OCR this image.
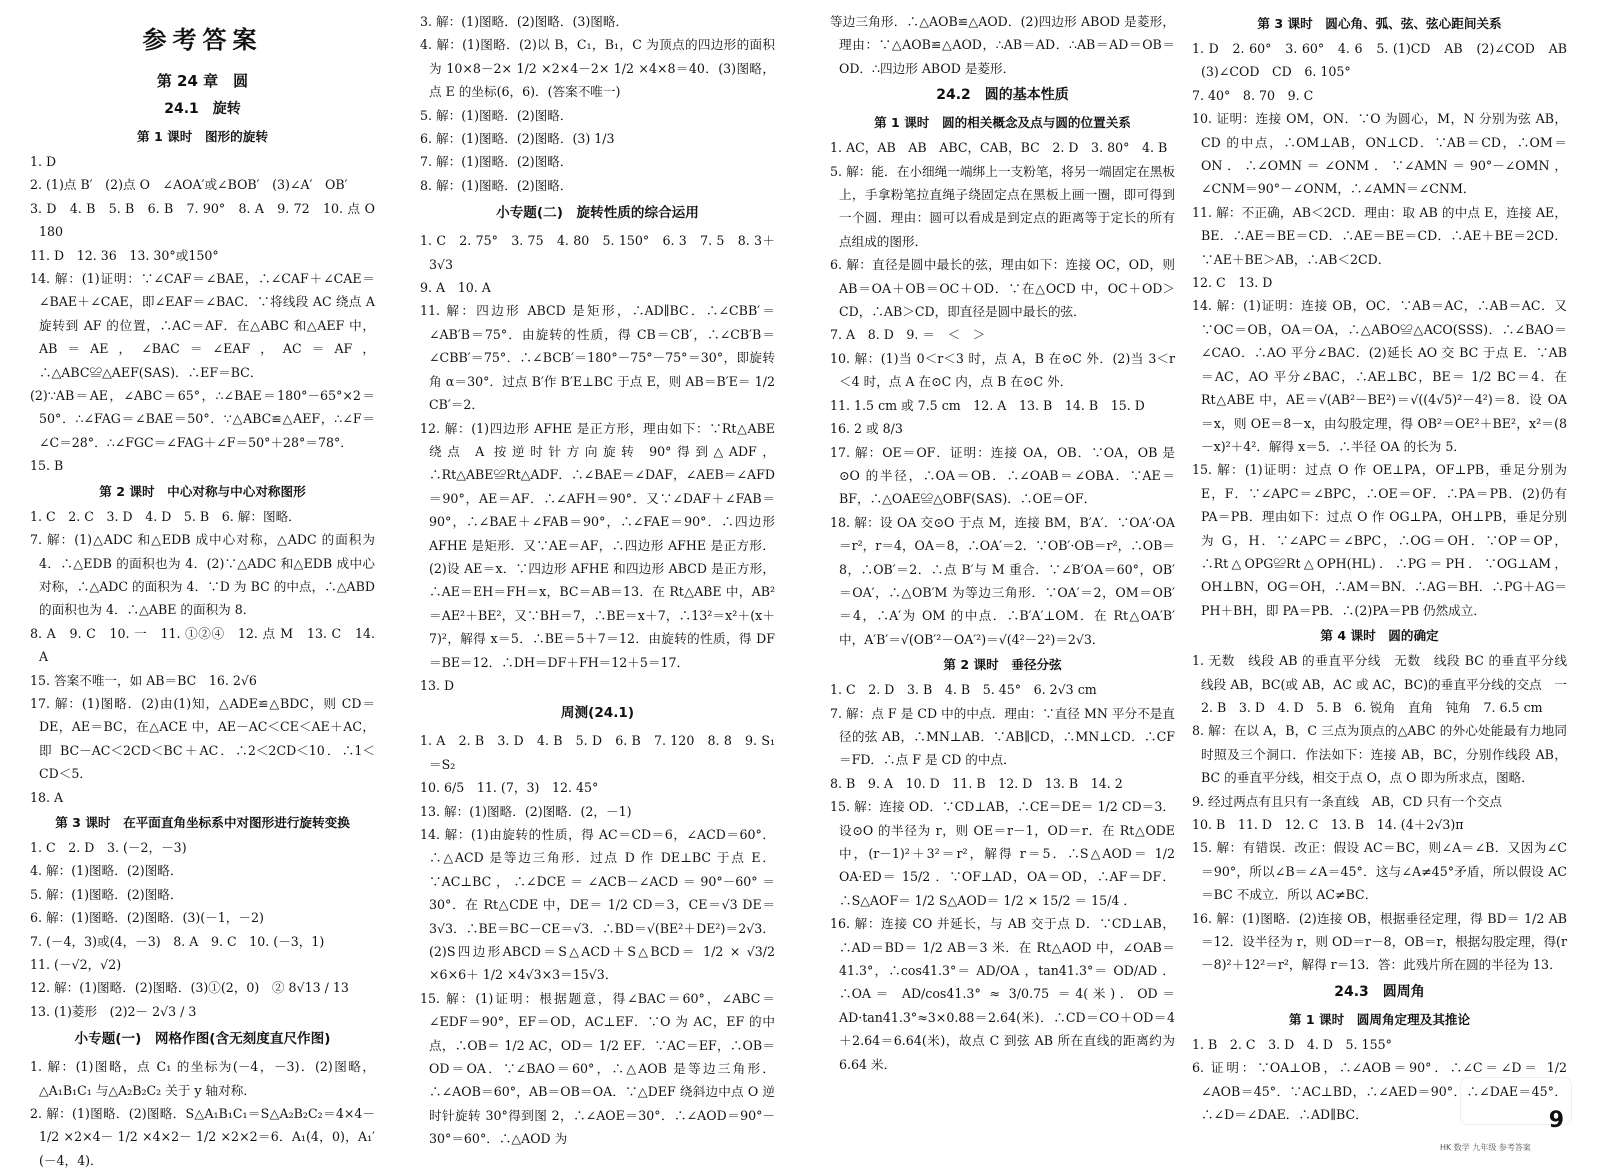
参考答案
第 24 章　圆
24.1　旋转
第 1 课时　图形的旋转

1. D

2. (1)点 B′　(2)点 O　∠AOA′或∠BOB′　(3)∠A′　OB′

3. D　4. B　5. B　6. B　7. 90°　8. A　9. 72　10. 点 O　180

11. D　12. 36　13. 30°或150°

14. 解：(1)证明：∵∠CAF＝∠BAE，∴∠CAF＋∠CAE＝∠BAE＋∠CAE，即∠EAF＝∠BAC．∵将线段 AC 绕点 A 旋转到 AF 的位置，∴AC＝AF．在△ABC 和△AEF 中，AB＝AE，∠BAC＝∠EAF，AC＝AF，∴△ABC≌△AEF(SAS)．∴EF＝BC．

(2)∵AB＝AE，∠ABC＝65°，∴∠BAE＝180°－65°×2＝50°．∴∠FAG＝∠BAE＝50°．∵△ABC≌△AEF，∴∠F＝∠C＝28°．∴∠FGC＝∠FAG＋∠F＝50°＋28°＝78°．

15. B

第 2 课时　中心对称与中心对称图形

1. C　2. C　3. D　4. D　5. B　6. 解：图略．

7. 解：(1)△ADC 和△EDB 成中心对称，△ADC 的面积为 4．∴△EDB 的面积也为 4．(2)∵△ADC 和△EDB 成中心对称，∴△ADC 的面积为 4．∵D 为 BC 的中点，∴△ABD 的面积也为 4．∴△ABE 的面积为 8．

8. A　9. C　10. 一　11. ①②④　12. 点 M　13. C　14. A

15. 答案不唯一，如 AB＝BC　16. 2√6

17. 解：(1)图略．(2)由(1)知，△ADE≌△BDC，则 CD＝DE，AE＝BC，在△ACE 中，AE－AC＜CE＜AE＋AC，即 BC－AC＜2CD＜BC＋AC．∴2＜2CD＜10．∴1＜CD＜5．

18. A

第 3 课时　在平面直角坐标系中对图形进行旋转变换

1. C　2. D　3. (－2，－3)

4. 解：(1)图略．(2)图略．

5. 解：(1)图略．(2)图略．

6. 解：(1)图略．(2)图略．(3)(－1，－2)

7. (－4，3)或(4，－3)　8. A　9. C　10. (－3，1)

11. (－√2，√2)

12. 解：(1)图略．(2)图略．(3)①(2，0)　② 8√13 / 13

13. (1)菱形　(2)2－ 2√3 / 3

小专题(一)　网格作图(含无刻度直尺作图)

1. 解：(1)图略，点 C₁ 的坐标为(－4，－3)．(2)图略，△A₁B₁C₁ 与△A₂B₂C₂ 关于 y 轴对称．

2. 解：(1)图略．(2)图略．S△A₁B₁C₁＝S△A₂B₂C₂＝4×4－ 1/2 ×2×4－ 1/2 ×4×2－ 1/2 ×2×2＝6．A₁(4，0)，A₁′(－4，4)．

3. 解：(1)图略．(2)图略．(3)图略．

4. 解：(1)图略．(2)以 B，C₁，B₁，C 为顶点的四边形的面积为 10×8－2× 1/2 ×2×4－2× 1/2 ×4×8＝40．(3)图略，点 E 的坐标(6，6)．(答案不唯一)

5. 解：(1)图略．(2)图略．

6. 解：(1)图略．(2)图略．(3) 1/3

7. 解：(1)图略．(2)图略．

8. 解：(1)图略．(2)图略．

小专题(二)　旋转性质的综合运用

1. C　2. 75°　3. 75　4. 80　5. 150°　6. 3　7. 5　8. 3＋3√3

9. A　10. A

11. 解：四边形 ABCD 是矩形，∴AD∥BC．∴∠CBB′＝∠AB′B＝75°．由旋转的性质，得 CB＝CB′，∴∠CB′B＝∠CBB′＝75°．∴∠BCB′＝180°－75°－75°＝30°，即旋转角 α＝30°．过点 B′作 B′E⊥BC 于点 E，则 AB＝B′E＝ 1/2 CB′＝2．

12. 解：(1)四边形 AFHE 是正方形，理由如下：∵Rt△ABE 绕点 A 按逆时针方向旋转 90°得到△ADF，∴Rt△ABE≌Rt△ADF．∴∠BAE＝∠DAF，∠AEB＝∠AFD＝90°，AE＝AF．∴∠AFH＝90°．又∵∠DAF＋∠FAB＝90°，∴∠BAE＋∠FAB＝90°，∴∠FAE＝90°．∴四边形 AFHE 是矩形．又∵AE＝AF，∴四边形 AFHE 是正方形．(2)设 AE＝x．∵四边形 AFHE 和四边形 ABCD 是正方形，∴AE＝EH＝FH＝x，BC＝AB＝13．在 Rt△ABE 中，AB²＝AE²＋BE²，又∵BH＝7，∴BE＝x＋7，∴13²＝x²＋(x＋7)²，解得 x＝5．∴BE＝5＋7＝12．由旋转的性质，得 DF＝BE＝12．∴DH＝DF＋FH＝12＋5＝17．

13. D

周测(24.1)

1. A　2. B　3. D　4. B　5. D　6. B　7. 120　8. 8　9. S₁＝S₂

10. 6/5　11. (7，3)　12. 45°

13. 解：(1)图略．(2)图略．(2，－1)

14. 解：(1)由旋转的性质，得 AC＝CD＝6，∠ACD＝60°．∴△ACD 是等边三角形．过点 D 作 DE⊥BC 于点 E．∵AC⊥BC，∴∠DCE＝∠ACB－∠ACD＝90°－60°＝30°．在 Rt△CDE 中，DE＝ 1/2 CD＝3，CE＝√3 DE＝3√3．∴BE＝BC－CE＝√3．∴BD＝√(BE²＋DE²)＝2√3．(2)S四边形ABCD＝S△ACD＋S△BCD＝ 1/2 × √3/2 ×6×6＋ 1/2 ×4√3×3＝15√3．

15. 解：(1)证明：根据题意，得∠BAC＝60°，∠ABC＝∠EDF＝90°，EF＝OD，AC⊥EF．∵O 为 AC，EF 的中点，∴OB＝ 1/2 AC，OD＝ 1/2 EF．∵AC＝EF，∴OB＝OD＝OA．∵∠BAO＝60°，∴△AOB 是等边三角形．∴∠AOB＝60°，AB＝OB＝OA．∵△DEF 绕斜边中点 O 逆时针旋转 30°得到图 2，∴∠AOE＝30°．∴∠AOD＝90°－30°＝60°．∴△AOD 为

等边三角形．∴△AOB≌△AOD．(2)四边形 ABOD 是菱形，理由：∵△AOB≌△AOD，∴AB＝AD．∴AB＝AD＝OB＝OD．∴四边形 ABOD 是菱形．

24.2　圆的基本性质
第 1 课时　圆的相关概念及点与圆的位置关系

1. AC，AB　AB　ABC，CAB，BC　2. D　3. 80°　4. B

5. 解：能．在小细绳一端绑上一支粉笔，将另一端固定在黑板上，手拿粉笔拉直绳子绕固定点在黑板上画一圈，即可得到一个圆．理由：圆可以看成是到定点的距离等于定长的所有点组成的图形．

6. 解：直径是圆中最长的弦，理由如下：连接 OC，OD，则 AB＝OA＋OB＝OC＋OD．∵在△OCD 中，OC＋OD＞CD，∴AB＞CD，即直径是圆中最长的弦．

7. A　8. D　9. ＝　＜　＞

10. 解：(1)当 0＜r＜3 时，点 A，B 在⊙C 外．(2)当 3＜r＜4 时，点 A 在⊙C 内，点 B 在⊙C 外．

11. 1.5 cm 或 7.5 cm　12. A　13. B　14. B　15. D

16. 2 或 8/3

17. 解：OE＝OF．证明：连接 OA，OB．∵OA，OB 是⊙O 的半径，∴OA＝OB．∴∠OAB＝∠OBA．∵AE＝BF，∴△OAE≌△OBF(SAS)．∴OE＝OF．

18. 解：设 OA 交⊙O 于点 M，连接 BM，B′A′．∵OA′·OA＝r²，r＝4，OA＝8，∴OA′＝2．∵OB′·OB＝r²，∴OB＝8，∴OB′＝2．∴点 B′与 M 重合．∵∠B′OA＝60°，OB′＝OA′，∴△OB′M 为等边三角形．∵OA′＝2，OM＝OB′＝4，∴A′为 OM 的中点．∴B′A′⊥OM．在 Rt△OA′B′中，A′B′＝√(OB′²－OA′²)＝√(4²－2²)＝2√3．

第 2 课时　垂径分弦

1. C　2. D　3. B　4. B　5. 45°　6. 2√3 cm

7. 解：点 F 是 CD 中的中点．理由：∵直径 MN 平分不是直径的弦 AB，∴MN⊥AB．∵AB∥CD，∴MN⊥CD．∴CF＝FD．∴点 F 是 CD 的中点．

8. B　9. A　10. D　11. B　12. D　13. B　14. 2

15. 解：连接 OD．∵CD⊥AB，∴CE＝DE＝ 1/2 CD＝3．设⊙O 的半径为 r，则 OE＝r－1，OD＝r．在 Rt△ODE 中，(r－1)²＋3²＝r²，解得 r＝5．∴S△AOD＝ 1/2 OA·ED＝ 15/2 ．∵OF⊥AD，OA＝OD，∴AF＝DF．∴S△AOF＝ 1/2 S△AOD＝ 1/2 × 15/2 ＝ 15/4 ．

16. 解：连接 CO 并延长，与 AB 交于点 D．∵CD⊥AB，∴AD＝BD＝ 1/2 AB＝3 米．在 Rt△AOD 中，∠OAB＝41.3°，∴cos41.3°＝ AD/OA ，tan41.3°＝ OD/AD ．∴OA＝ AD/cos41.3° ≈ 3/0.75 ＝4(米)．OD＝AD·tan41.3°≈3×0.88＝2.64(米)．∴CD＝CO＋OD＝4＋2.64＝6.64(米)，故点 C 到弦 AB 所在直线的距离约为 6.64 米．

第 3 课时　圆心角、弧、弦、弦心距间关系

1. D　2. 60°　3. 60°　4. 6　5. (1)CD　AB　(2)∠COD　AB　(3)∠COD　CD　6. 105°

7. 40°　8. 70　9. C

10. 证明：连接 OM，ON．∵O 为圆心，M，N 分别为弦 AB，CD 的中点，∴OM⊥AB，ON⊥CD．∵AB＝CD，∴OM＝ON．∴∠OMN＝∠ONM．∵∠AMN＝90°－∠OMN，∠CNM＝90°－∠ONM，∴∠AMN＝∠CNM．

11. 解：不正确，AB＜2CD．理由：取 AB 的中点 E，连接 AE，BE．∴AE＝BE＝CD．∴AE＝BE＝CD．∴AE＋BE＝2CD．∵AE＋BE＞AB，∴AB＜2CD．

12. C　13. D

14. 解：(1)证明：连接 OB，OC．∵AB＝AC，∴AB＝AC．又∵OC＝OB，OA＝OA，∴△ABO≌△ACO(SSS)．∴∠BAO＝∠CAO．∴AO 平分∠BAC．(2)延长 AO 交 BC 于点 E．∵AB＝AC，AO 平分∠BAC，∴AE⊥BC，BE＝ 1/2 BC＝4．在 Rt△ABE 中，AE＝√(AB²－BE²)＝√((4√5)²－4²)＝8．设 OA＝x，则 OE＝8－x，由勾股定理，得 OB²＝OE²＋BE²，x²＝(8－x)²＋4²．解得 x＝5．∴半径 OA 的长为 5．

15. 解：(1)证明：过点 O 作 OE⊥PA，OF⊥PB，垂足分别为 E，F．∵∠APC＝∠BPC，∴OE＝OF．∴PA＝PB．(2)仍有 PA＝PB．理由如下：过点 O 作 OG⊥PA，OH⊥PB，垂足分别为 G，H．∵∠APC＝∠BPC，∴OG＝OH．∵OP＝OP，∴Rt△OPG≌Rt△OPH(HL)．∴PG＝PH．∵OG⊥AM，OH⊥BN，OG＝OH，∴AM＝BN．∴AG＝BH．∴PG＋AG＝PH＋BH，即 PA＝PB．∴(2)PA＝PB 仍然成立．

第 4 课时　圆的确定

1. 无数　线段 AB 的垂直平分线　无数　线段 BC 的垂直平分线　线段 AB，BC(或 AB，AC 或 AC，BC)的垂直平分线的交点　一　2. B　3. D　4. D　5. B　6. 锐角　直角　钝角　7. 6.5 cm

8. 解：在以 A，B，C 三点为顶点的△ABC 的外心处能最有力地同时照及三个洞口．作法如下：连接 AB，BC，分别作线段 AB，BC 的垂直平分线，相交于点 O，点 O 即为所求点，图略．

9. 经过两点有且只有一条直线　AB，CD 只有一个交点

10. B　11. D　12. C　13. B　14. (4＋2√3)π

15. 解：有错误．改正：假设 AC＝BC，则∠A＝∠B．又因为∠C＝90°，所以∠B＝∠A＝45°．这与∠A≠45°矛盾，所以假设 AC＝BC 不成立．所以 AC≠BC．

16. 解：(1)图略．(2)连接 OB，根据垂径定理，得 BD＝ 1/2 AB＝12．设半径为 r，则 OD＝r－8，OB＝r，根据勾股定理，得(r－8)²＋12²＝r²，解得 r＝13．答：此残片所在圆的半径为 13．

24.3　圆周角
第 1 课时　圆周角定理及其推论

1. B　2. C　3. D　4. D　5. 155°

6. 证明：∵OA⊥OB，∴∠AOB＝90°．∴∠C＝∠D＝ 1/2 ∠AOB＝45°．∵AC⊥BD，∴∠AED＝90°．∴∠DAE＝45°．∴∠D＝∠DAE．∴AD∥BC．	9
HK 数学 九年级 参考答案
